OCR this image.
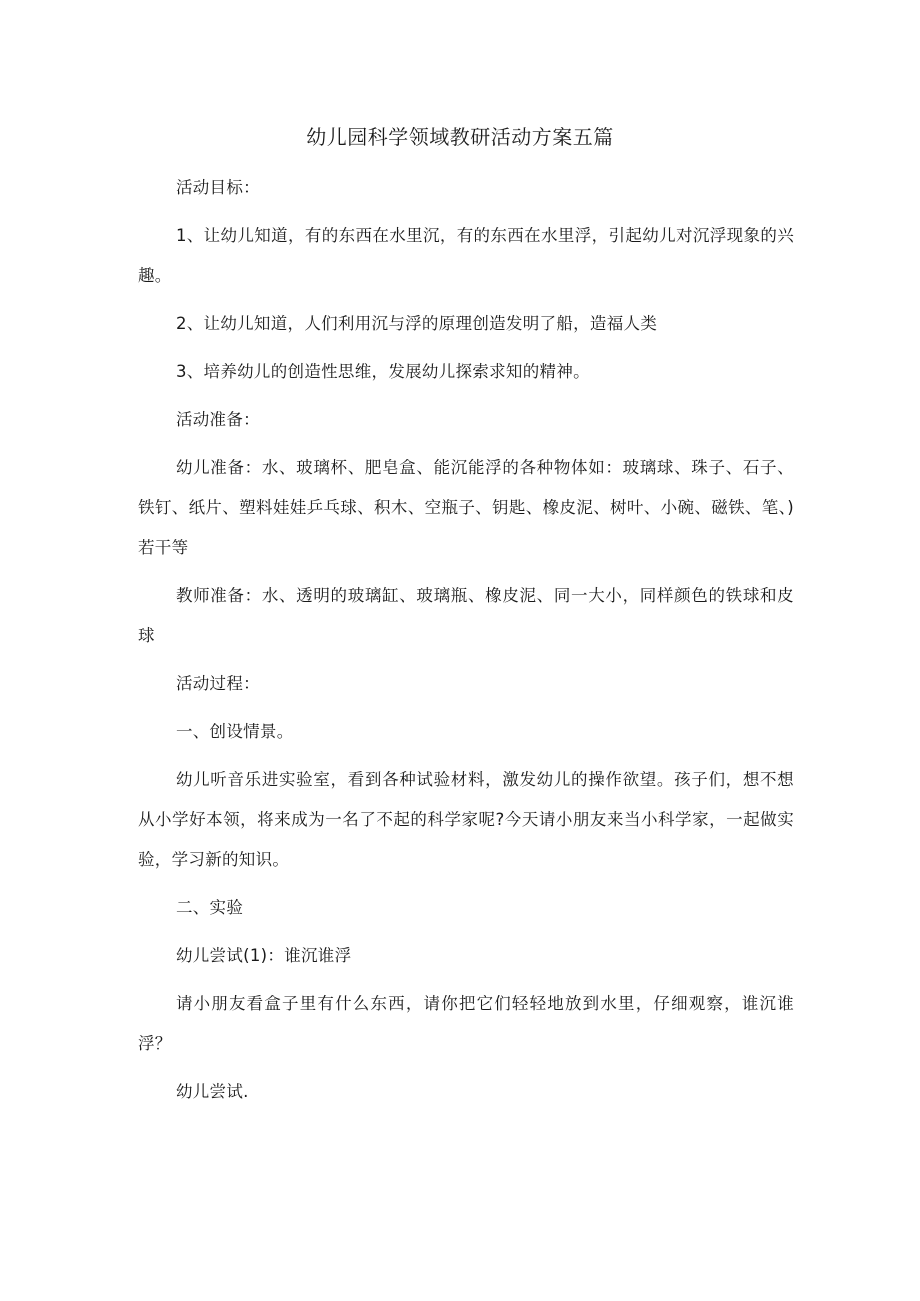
幼儿园科学领域教研活动方案五篇

活动目标：

1、让幼儿知道，有的东西在水里沉，有的东西在水里浮，引起幼儿对沉浮现象的兴趣。

2、让幼儿知道，人们利用沉与浮的原理创造发明了船，造福人类

3、培养幼儿的创造性思维，发展幼儿探索求知的精神。

活动准备：

幼儿准备：水、玻璃杯、肥皂盒、能沉能浮的各种物体如：玻璃球、珠子、石子、铁钉、纸片、塑料娃娃乒乓球、积木、空瓶子、钥匙、橡皮泥、树叶、小碗、磁铁、笔、)若干等

教师准备：水、透明的玻璃缸、玻璃瓶、橡皮泥、同一大小，同样颜色的铁球和皮球

活动过程：

一、创设情景。

幼儿听音乐进实验室，看到各种试验材料，激发幼儿的操作欲望。孩子们，想不想从小学好本领，将来成为一名了不起的科学家呢?今天请小朋友来当小科学家，一起做实验，学习新的知识。

二、实验

幼儿尝试(1)：谁沉谁浮

请小朋友看盒子里有什么东西，请你把它们轻轻地放到水里，仔细观察，谁沉谁浮？

幼儿尝试.
